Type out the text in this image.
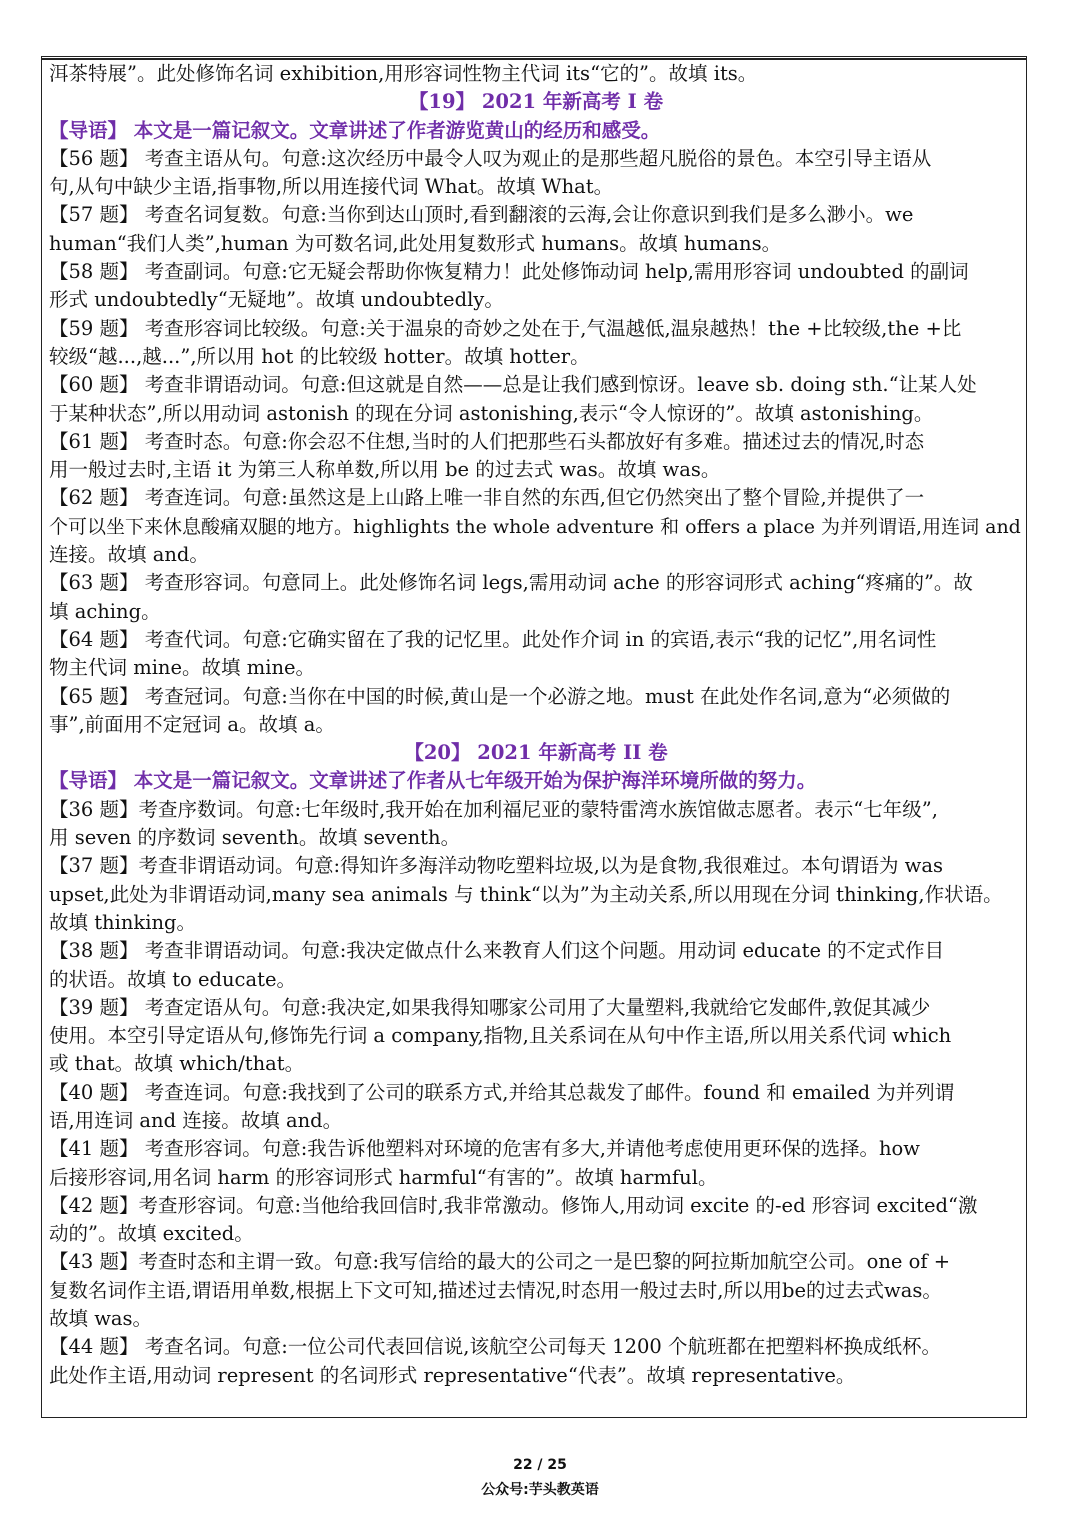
洱茶特展”。此处修饰名词 exhibition,用形容词性物主代词 its“它的”。故填 its。
【19】 2021 年新高考 I 卷
【导语】 本文是一篇记叙文。文章讲述了作者游览黄山的经历和感受。
【56 题】 考查主语从句。句意:这次经历中最令人叹为观止的是那些超凡脱俗的景色。本空引导主语从
句,从句中缺少主语,指事物,所以用连接代词 What。故填 What。
【57 题】 考查名词复数。句意:当你到达山顶时,看到翻滚的云海,会让你意识到我们是多么渺小。we
human“我们人类”,human 为可数名词,此处用复数形式 humans。故填 humans。
【58 题】 考查副词。句意:它无疑会帮助你恢复精力！此处修饰动词 help,需用形容词 undoubted 的副词
形式 undoubtedly“无疑地”。故填 undoubtedly。
【59 题】 考查形容词比较级。句意:关于温泉的奇妙之处在于,气温越低,温泉越热！the +比较级,the +比
较级“越...,越...”,所以用 hot 的比较级 hotter。故填 hotter。
【60 题】 考查非谓语动词。句意:但这就是自然——总是让我们感到惊讶。leave sb. doing sth.“让某人处
于某种状态”,所以用动词 astonish 的现在分词 astonishing,表示“令人惊讶的”。故填 astonishing。
【61 题】 考查时态。句意:你会忍不住想,当时的人们把那些石头都放好有多难。描述过去的情况,时态
用一般过去时,主语 it 为第三人称单数,所以用 be 的过去式 was。故填 was。
【62 题】 考查连词。句意:虽然这是上山路上唯一非自然的东西,但它仍然突出了整个冒险,并提供了一
个可以坐下来休息酸痛双腿的地方。highlights the whole adventure 和 offers a place 为并列谓语,用连词 and
连接。故填 and。
【63 题】 考查形容词。句意同上。此处修饰名词 legs,需用动词 ache 的形容词形式 aching“疼痛的”。故
填 aching。
【64 题】 考查代词。句意:它确实留在了我的记忆里。此处作介词 in 的宾语,表示“我的记忆”,用名词性
物主代词 mine。故填 mine。
【65 题】 考查冠词。句意:当你在中国的时候,黄山是一个必游之地。must 在此处作名词,意为“必须做的
事”,前面用不定冠词 a。故填 a。
【20】 2021 年新高考 II 卷
【导语】 本文是一篇记叙文。文章讲述了作者从七年级开始为保护海洋环境所做的努力。
【36 题】考查序数词。句意:七年级时,我开始在加利福尼亚的蒙特雷湾水族馆做志愿者。表示“七年级”,
用 seven 的序数词 seventh。故填 seventh。
【37 题】考查非谓语动词。句意:得知许多海洋动物吃塑料垃圾,以为是食物,我很难过。本句谓语为 was
upset,此处为非谓语动词,many sea animals 与 think“以为”为主动关系,所以用现在分词 thinking,作状语。
故填 thinking。
【38 题】 考查非谓语动词。句意:我决定做点什么来教育人们这个问题。用动词 educate 的不定式作目
的状语。故填 to educate。
【39 题】 考查定语从句。句意:我决定,如果我得知哪家公司用了大量塑料,我就给它发邮件,敦促其减少
使用。本空引导定语从句,修饰先行词 a company,指物,且关系词在从句中作主语,所以用关系代词 which
或 that。故填 which/that。
【40 题】 考查连词。句意:我找到了公司的联系方式,并给其总裁发了邮件。found 和 emailed 为并列谓
语,用连词 and 连接。故填 and。
【41 题】 考查形容词。句意:我告诉他塑料对环境的危害有多大,并请他考虑使用更环保的选择。how
后接形容词,用名词 harm 的形容词形式 harmful“有害的”。故填 harmful。
【42 题】考查形容词。句意:当他给我回信时,我非常激动。修饰人,用动词 excite 的-ed 形容词 excited“激
动的”。故填 excited。
【43 题】考查时态和主谓一致。句意:我写信给的最大的公司之一是巴黎的阿拉斯加航空公司。one of +
复数名词作主语,谓语用单数,根据上下文可知,描述过去情况,时态用一般过去时,所以用be的过去式was。
故填 was。
【44 题】 考查名词。句意:一位公司代表回信说,该航空公司每天 1200 个航班都在把塑料杯换成纸杯。
此处作主语,用动词 represent 的名词形式 representative“代表”。故填 representative。
22 / 25
公众号:芋头教英语
